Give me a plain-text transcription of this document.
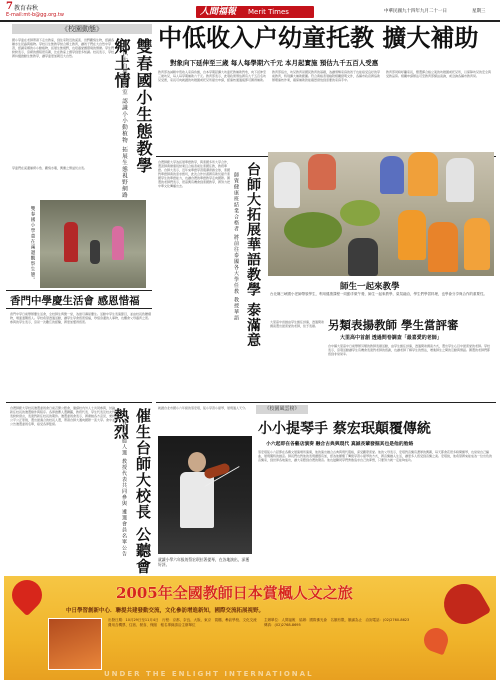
7 教育春秋
E-mail:mt-b@gg.org.tw	人間福報 Merit Times	中華民國九十四年九月二十一日	星期三
中低收入户幼童托教 擴大補助
對象向下延伸至三歲 每人每學期六千元 本月起實施 預估九千五百人受惠
《校園動態》
國小學童在老師帶領下走出教室，到住家附近的溪流、田野觀察生物，認識各種水生昆蟲與植物。學校以生態教學結合鄉土教育，讓孩子們在大自然中學習，認識家鄉的小小動植物，拓展生態視野，也培養愛護環境的情操。學生們紛紛表示，這樣的課程很有趣，比在教室上課學到更多知識。校長表示，學校將持續推動生態教學，讓學童更加親近大自然。	雙春國小生態教學 鄉土情
以大自然為教室 認識小小動植物 拓展生態視野網路
學童們在溪邊捕撈小魚、觀察水黽，興奮之情溢於言表。
雙春國小學童在溪邊觀察生態。
香門中學慶生活會 感恩惜福
香門中學日前舉辦慶生活會，全校師生齊聚一堂，為當月壽星慶生。活動中學生表演節目，並由校長致贈禮物，場面溫馨感人。學校希望透過活動，讓學生學會感恩惜福，珍惜身邊的人事物，也體會父母養育之恩。參與的學生表示，這是一次難忘的經驗，將更加懂得感恩。
台灣師範大學校長遴選委員會日前召開公聽會，邀請校內外人士共同參與，討論新任校長的遴選條件與程序。各界推薦人選踴躍，教授代表、學生代表及校友代表紛紛發言，表達對新任校長的期許。遴選委員會表示，將廣納各方意見，秉持公平公正原則，選出最適合的校長人選，帶領台師大邁向國際一流大學。會中並公告遴選委員名單，接受各界監督。	催生台師大校長 公聽會熱烈
各界推薦人選 教授代表共同參與 遴選會員名單公告
教育部為減輕中低收入家庭負擔，自本學期起擴大幼童托教補助對象，向下延伸至三歲幼兒，每人每學期補助六千元。教育部表示，此項政策預估將有九千五百名幼兒受惠，家長可向就讀的幼稚園或托兒所提出申請，經審核通過後即可獲得補助。
教育部指出，幼兒教育是國民教育的基礎，為讓弱勢家庭的孩子也能接受良好的學前教育，特別擴大補助範圍。符合資格者須檢附相關證明文件，各縣市政府將協助辦理審核作業，確保補助款能確實發放到需要的家庭手中。
教育部同時呼籲家長，應選擇合格立案的幼稚園或托兒所，以保障幼兒的安全與受教品質。相關申請辦法可至教育部網站查詢，或洽詢各縣市教育局。
台灣師範大學為拓展華語教學，與泰國多所大學合作，選派師資健康班結業且合格者前往泰國任教，教授華語。台師大表示，近年來華語學習風潮席捲全球，泰國對華語師資的需求殷切，此次合作計畫將有助於提升泰國學生的華語能力，也讓台灣的華語教學走向國際。獲選的老師們表示，很高興有機會到泰國教學，將努力把中華文化傳播出去。	台師大拓展華語教學 泰滿意
師資健康班結業合格者 將前往泰國各大學任教 教授華語	師生一起來教學
台北縣三峽國小老師帶領學生，利用健康課程一同動手做午餐，師生一起來教學，氣氛融洽，學生們學習料理，也學會分享與合作的重要性。
另類表揚教師 學生當評審
大里高中首創 透過問卷調查「最喜愛的老師」
大里高中首創由學生擔任評審，透過問卷調查選出最喜愛的老師，給予表揚。
台中縣大里高中日前舉辦另類的教師表揚活動，由學生擔任評審，透過問卷調查方式，選出學生心目中最喜愛的老師。學校表示，這項活動讓學生有機會表達對老師的感謝，也讓老師了解學生的想法，增進師生之間的互動與情誼。獲選的老師們都感到非常榮幸。
《校園風雲榜》
小小提琴手 蔡宏珉顛覆傳統
小六起即在各藝店演奏 融合古典與現代 真誠長輩發掘其也是他的胎絡
就讀台北市國小六年級的蔡宏珉，從小學習小提琴，展現過人天分。
就讀小學六年級的蔡宏珉拉著提琴，在各地演出，深獲好評。
蔡宏珉從小六起即在各藝文展演場所演奏，他的演出融合古典與現代風格，深受觀眾喜愛。他的父母表示，宏珉對音樂有濃厚的興趣，每天都會花很多時間練琴，也常常自己編曲，展現獨特的創意。師長們也對他的表現讚譽有加，認為他顛覆了傳統學習小提琴的方式，將音樂融入生活，讓更多人感受到音樂之美。宏珉說，他希望將來能成為一位出色的音樂家，到世界各地演出，讓大家聽到台灣的聲音。他也鼓勵同學們勇敢追求自己的夢想，只要努力就一定能夠成功。
2005年全國教師日本賞楓人文之旅
中日學習創新中心．聯提共建發動交流，文化參訪增進新知，國際交流拓展視野。
出發日期：10月29日至11月4日　行程：京都、奈良、大阪、東京　賞楓、參訪學校、文化交流　費用含機票、住宿、餐食、保險　報名專線請洽主辦單位
主辦單位：人間福報　協辦：國際佛光會　名額有限，額滿為止　洽詢電話：(02)2760-8623　傳真：(02)2768-8695
UNDER THE ENLIGHT INTERNATIONAL
